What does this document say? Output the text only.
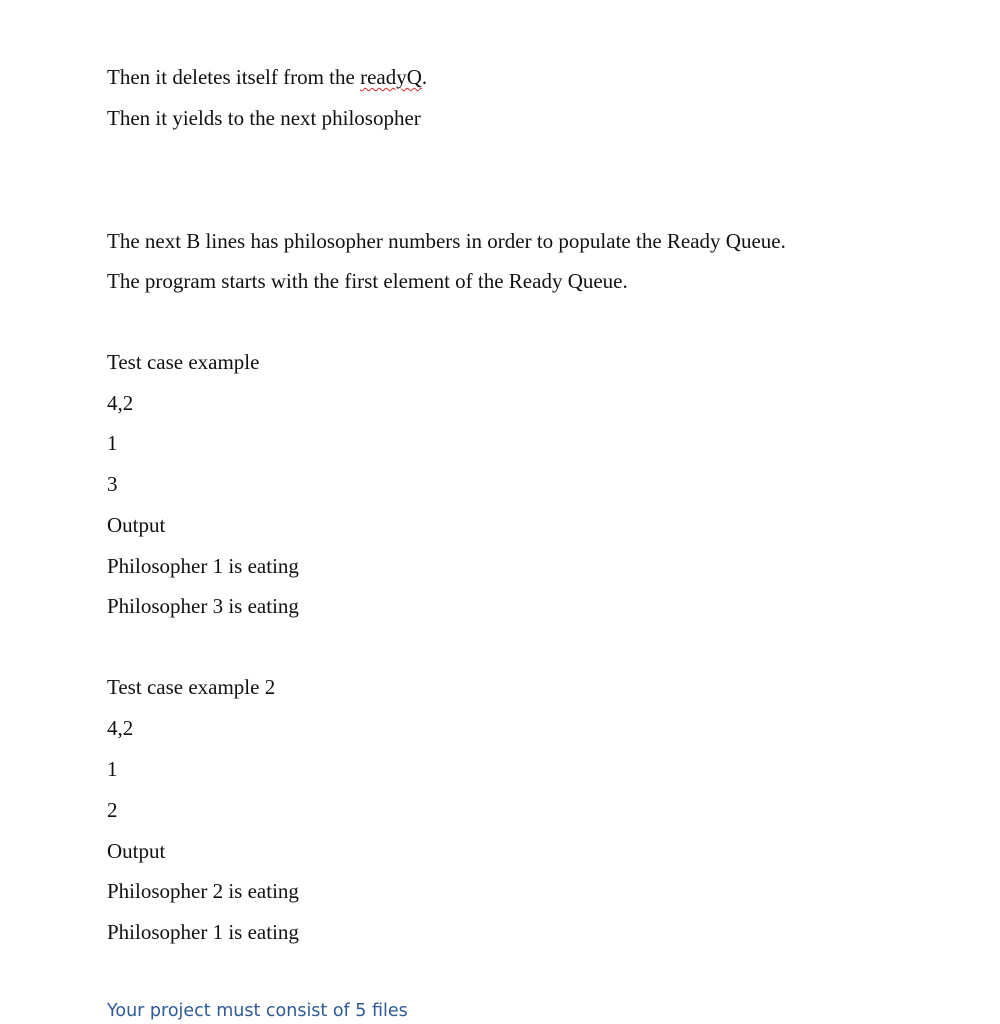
Then it deletes itself from the readyQ.

Then it yields to the next philosopher

The next B lines has philosopher numbers in order to populate the Ready Queue.

The program starts with the first element of the Ready Queue.

Test case example

4,2

1

3

Output

Philosopher 1 is eating

Philosopher 3 is eating

Test case example 2

4,2

1

2

Output

Philosopher 2 is eating

Philosopher 1 is eating

Your project must consist of 5 files
